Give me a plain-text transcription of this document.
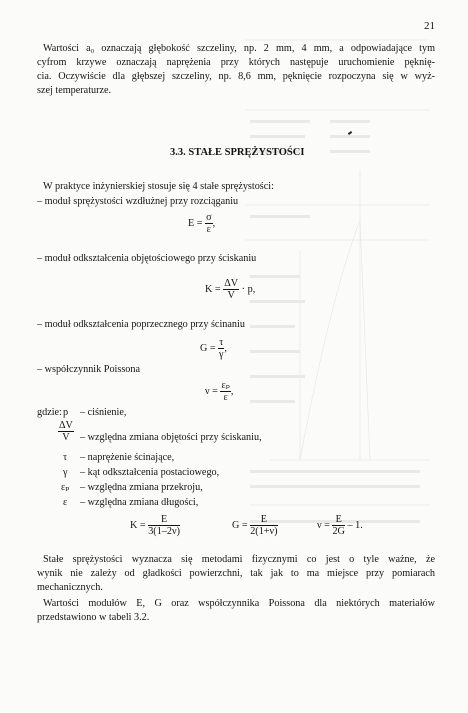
21
Wartości a₀ oznaczają głębokość szczeliny, np. 2 mm, 4 mm, a odpowiadające tym
cyfrom krzywe oznaczają naprężenia przy których następuje uruchomienie pęknię-
cia. Oczywiście dla głębszej szczeliny, np. 8,6 mm, pęknięcie rozpoczyna się w wyż-
szej temperaturze.
3.3. STAŁE SPRĘŻYSTOŚCI
W praktyce inżynierskiej stosuje się 4 stałe sprężystości:
– moduł sprężystości wzdłużnej przy rozciąganiu
$E = \frac{\sigma}{\varepsilon}$ ,
– moduł odkształcenia objętościowego przy ściskaniu
$K = \frac{\Delta V}{V} \cdot p$,
– moduł odkształcenia poprzecznego przy ścinaniu
$G = \frac{\tau}{\gamma}$ ,
– współczynnik Poissona
$\nu = \frac{\text{εₚ}}{\varepsilon}$ ,
gdzie: p – ciśnienie,
$\frac{\Delta V}{V}$ – względna zmiana objętości przy ściskaniu,
τ – naprężenie ścinające,
γ – kąt odkształcenia postaciowego,
εₚ – względna zmiana przekroju,
ε – względna zmiana długości,
$K = \frac{E}{3(1-2\nu)}$	$G = \frac{E}{2(1+\nu)}$	$\nu = \frac{E}{2G} - 1$.
Stałe sprężystości wyznacza się metodami fizycznymi co jest o tyle ważne, że
wynik nie zależy od gładkości powierzchni, tak jak to ma miejsce przy pomiarach
mechanicznych.
Wartości modułów E, G oraz współczynnika Poissona dla niektórych materiałów
przedstawiono w tabeli 3.2.
